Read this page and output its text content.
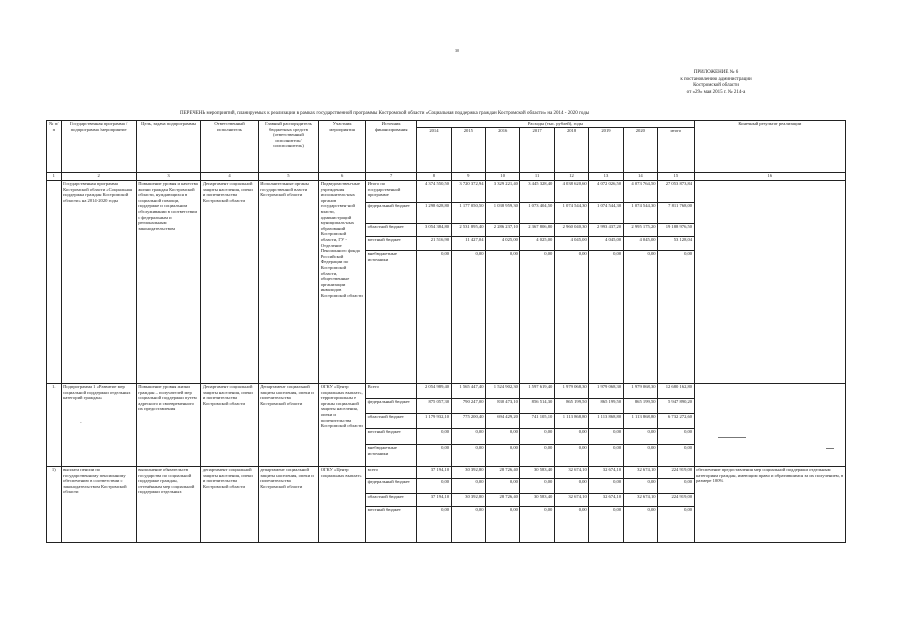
30
ПРИЛОЖЕНИЕ № 6
к постановлению администрации
Костромской области
от «29» мая 2015 г. № 214-а
ПЕРЕЧЕНЬ мероприятий, планируемых к реализации в рамках государственной программы Костромской области «Социальная поддержка граждан Костромской области» на 2014 - 2020 годы
№ п/п	Государственная программа /подпрограмма /мероприятие	Цель, задача подпрограммы	Ответственный исполнитель	Главный распорядитель бюджетных средств (ответственный исполнитель/соисполнитель)	Участник мероприятия	Источник финансирования	Расходы (тыс. рублей), годы								Конечный результат реализации
							2014	2015	2016	2017	2018	2019	2020	итого	
1	2	3	4	5	6	7	8	9	10	11	12	13	14	15	16
	Государственная программа Костромской области «Социальная поддержка граждан Костромской области» на 2014-2020 годы	Повышение уровня и качества жизни граждан Костромской области, нуждающихся в социальной помощи, поддержке и социальном обслуживании в соответствии с федеральным и региональным законодательством	Департамент социальной защиты населения, опеки и попечительства Костромской области	Исполнительные органы государственной власти Костромской области	Подведомствен-ные учреждения исполнитель-ных органов государствен-ной власти, администраций муниципаль-ных образований Костромской области, ГУ - Отделение Пенсионного фонда Российской Федерации по Костромской области, общественные организации инвалидов Костромской области	Итого по государственной программе	4 374 550,50	3 720 372,94	3 329 221,40	3 445 328,40	4 038 620,60	4 072 026,50	4 073 764,50	27 053 873,84	
						федеральный бюджет	1 298 628,80	1 177 050,50	1 038 959,30	1 073 404,50	1 074 544,30	1 074 544,30	1 074 544,30	7 811 768,00	
						областной бюджет	3 054 384,80	2 531 895,40	2 286 237,10	2 367 806,80	2 960 040,30	2 993 437,20	2 995 175,20	19 188 976,50	
						местный бюджет	21 516,90	11 427,04	4 025,00	4 025,00	4 045,00	4 045,00	4 045,00	53 128,04	
						внебюджетные источники	0,00	0,00	0,00	0,00	0,00	0,00	0,00	0,00	
1.	Подпрограмма 1 «Развитие мер социальной поддержки отдельных категорий граждан»	Повышение уровня жизни граждан – получателей мер социальной поддержки путем адресного и своевременного их предоставления	Департамент социальной защиты населения, опеки и попечительства Костромской области	Департамент социальной защиты населения, опеки и попечительства Костромской области	ОГКУ «Центр социальных выплат», территориальны е органы социальной защиты населения, опеки и попечительства Костромской области	Всего	2 054 989,40	1 565 447,40	1 524 902,30	1 597 619,40	1 979 068,30	1 979 068,30	1 979 068,30	12 680 162,80	
						федеральный бюджет	875 057,30	790 247,00	830 473,10	856 514,30	865 199,50	865 199,50	865 199,50	5 947 890,20	
						областной бюджет	1 179 932,10	775 200,40	694 429,20	741 105,10	1 113 868,80	1 113 868,80	1 113 868,80	6 732 272,60	
						местный бюджет	0,00	0,00	0,00	0,00	0,00	0,00	0,00	0,00	
						внебюджетные источники	0,00	0,00	0,00	0,00	0,00	0,00	0,00	0,00	
1)	выплата пенсии по государственному пенсионному обеспечению в соответствии с законодательством Костромской области	выполнение обязательств государства по социальной поддержке граждан, оттенённым мер социальной поддержки отдельных	департамент социальной защиты населения, опеки и попечительства Костромской области	департамент социальной защиты населения, опеки и попечительства Костромской области	ОГКУ «Центр социальных выплат»	всего	37 194,10	30 392,80	28 726,40	30 583,40	32 674,10	32 674,10	32 674,10	224 919,00	обеспечение предоставления мер социальной поддержки отдельным категориям граждан, имеющим право и обратившимся за их получением, в размере 100%
						федеральный бюджет	0,00	0,00	0,00	0,00	0,00	0,00	0,00	0,00	
						областной бюджет	37 194,10	30 392,80	28 726,40	30 583,40	32 674,10	32 674,10	32 674,10	224 919,00	
						местный бюджет	0,00	0,00	0,00	0,00	0,00	0,00	0,00	0,00	
-
